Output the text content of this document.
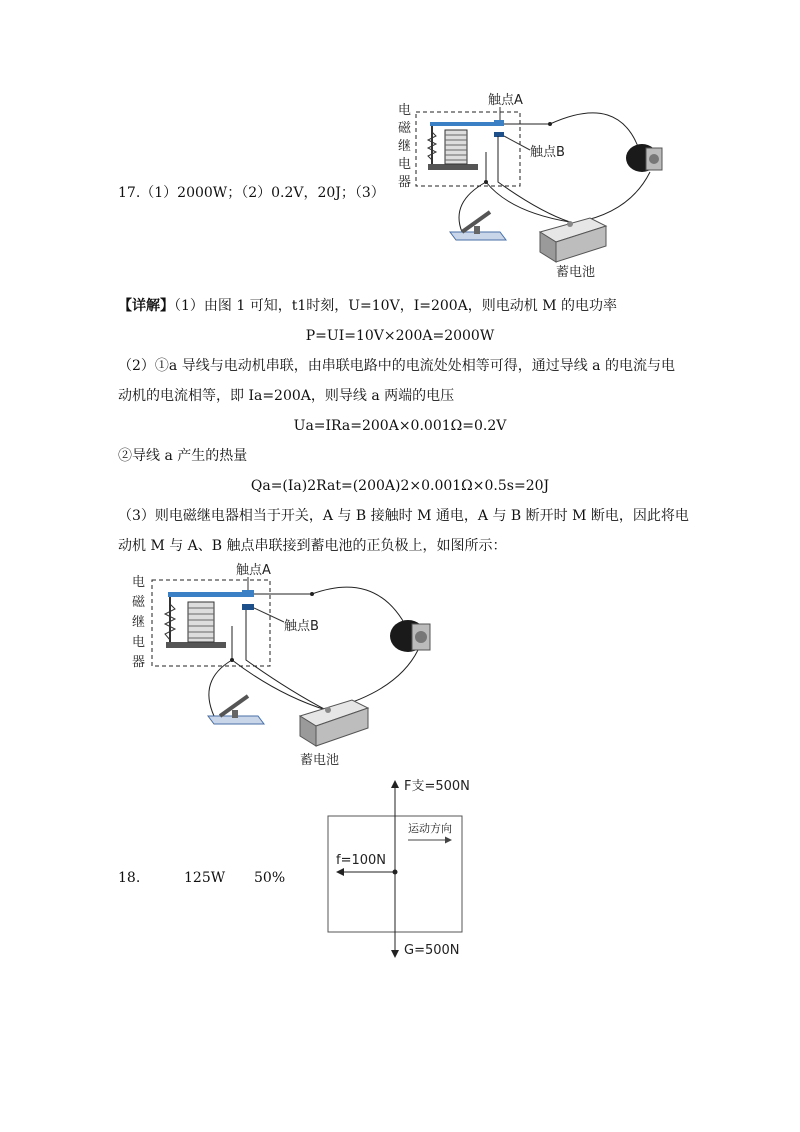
17.（1）2000W；（2）0.2V，20J；（3）
电
磁
继
电
器
触点A
触点B
蓄电池
【详解】（1）由图 1 可知，t1时刻，U=10V，I=200A，则电动机 M 的电功率
P=UI=10V×200A=2000W
（2）①a 导线与电动机串联，由串联电路中的电流处处相等可得，通过导线 a 的电流与电
动机的电流相等，即 Ia=200A，则导线 a 两端的电压
Ua=IRa=200A×0.001Ω=0.2V
②导线 a 产生的热量
Qa=(Ia)2Rat=(200A)2×0.001Ω×0.5s=20J
（3）则电磁继电器相当于开关，A 与 B 接触时 M 通电，A 与 B 断开时 M 断电，因此将电
动机 M 与 A、B 触点串联接到蓄电池的正负极上，如图所示：
电
磁
继
电
器
触点A
触点B
蓄电池
18.	125W 50%
运动方向
F支=500N
f=100N
G=500N
